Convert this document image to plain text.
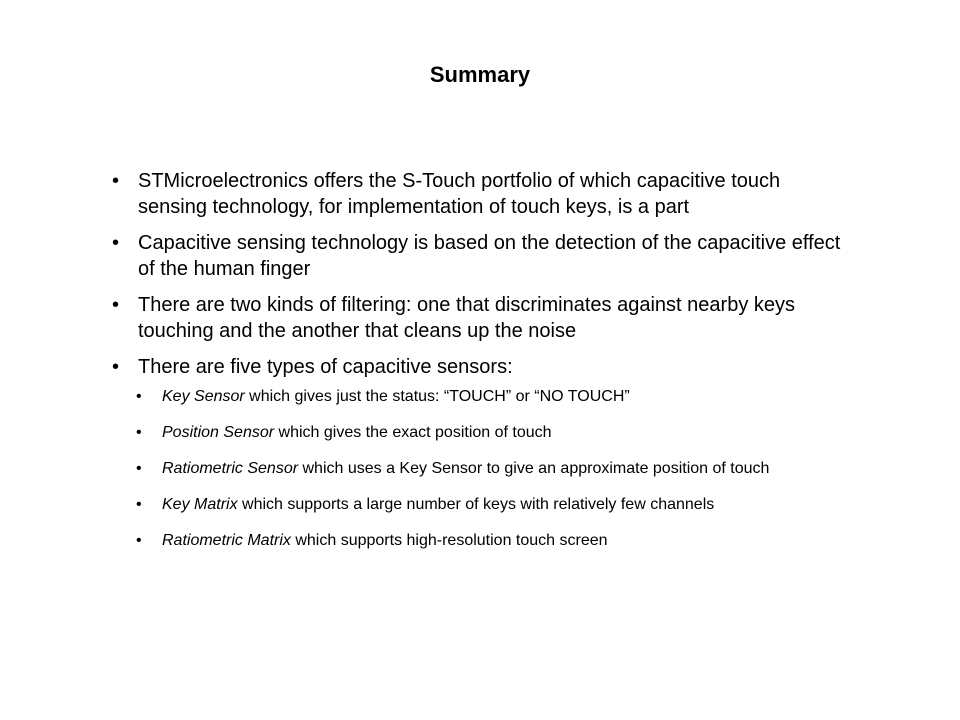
Summary
• STMicroelectronics offers the S-Touch portfolio of which capacitive touch sensing technology, for implementation of touch keys, is a part
• Capacitive sensing technology is based on the detection of the capacitive effect of the human finger
• There are two kinds of filtering: one that discriminates against nearby keys touching and the another that cleans up the noise
• There are five types of capacitive sensors:
• Key Sensor which gives just the status: “TOUCH” or “NO TOUCH”
• Position Sensor which gives the exact position of touch
• Ratiometric Sensor which uses a Key Sensor to give an approximate position of touch
• Key Matrix which supports a large number of keys with relatively few channels
• Ratiometric Matrix which supports high-resolution touch screen
